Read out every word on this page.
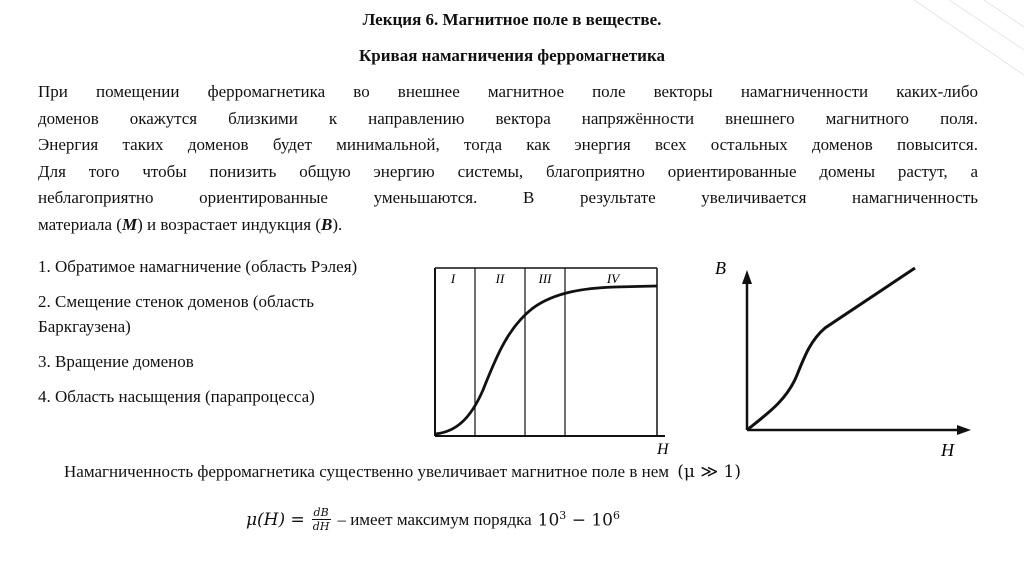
Лекция 6. Магнитное поле в веществе.
Кривая намагничения ферромагнетика
При помещении ферромагнетика во внешнее магнитное поле векторы намагниченности каких-либо
доменов окажутся близкими к направлению вектора напряжённости внешнего магнитного поля.
Энергия таких доменов будет минимальной, тогда как энергия всех остальных доменов повысится.
Для того чтобы понизить общую энергию системы, благоприятно ориентированные домены растут, а
неблагоприятно ориентированные уменьшаются. В результате увеличивается намагниченность
материала (M) и возрастает индукция (B).
1. Обратимое намагничение (область Рэлея)
2. Смещение стенок доменов (область Баркгаузена)
3. Вращение доменов
4. Область насыщения (парапроцесса)
I	II	III	IV
H
B
H
Намагниченность ферромагнетика существенно увеличивает магнитное поле в нем (μ ≫ 1)
$\mu(H) = \frac{dB}{dH}$ – имеет максимум порядка $10^3 - 10^6$
